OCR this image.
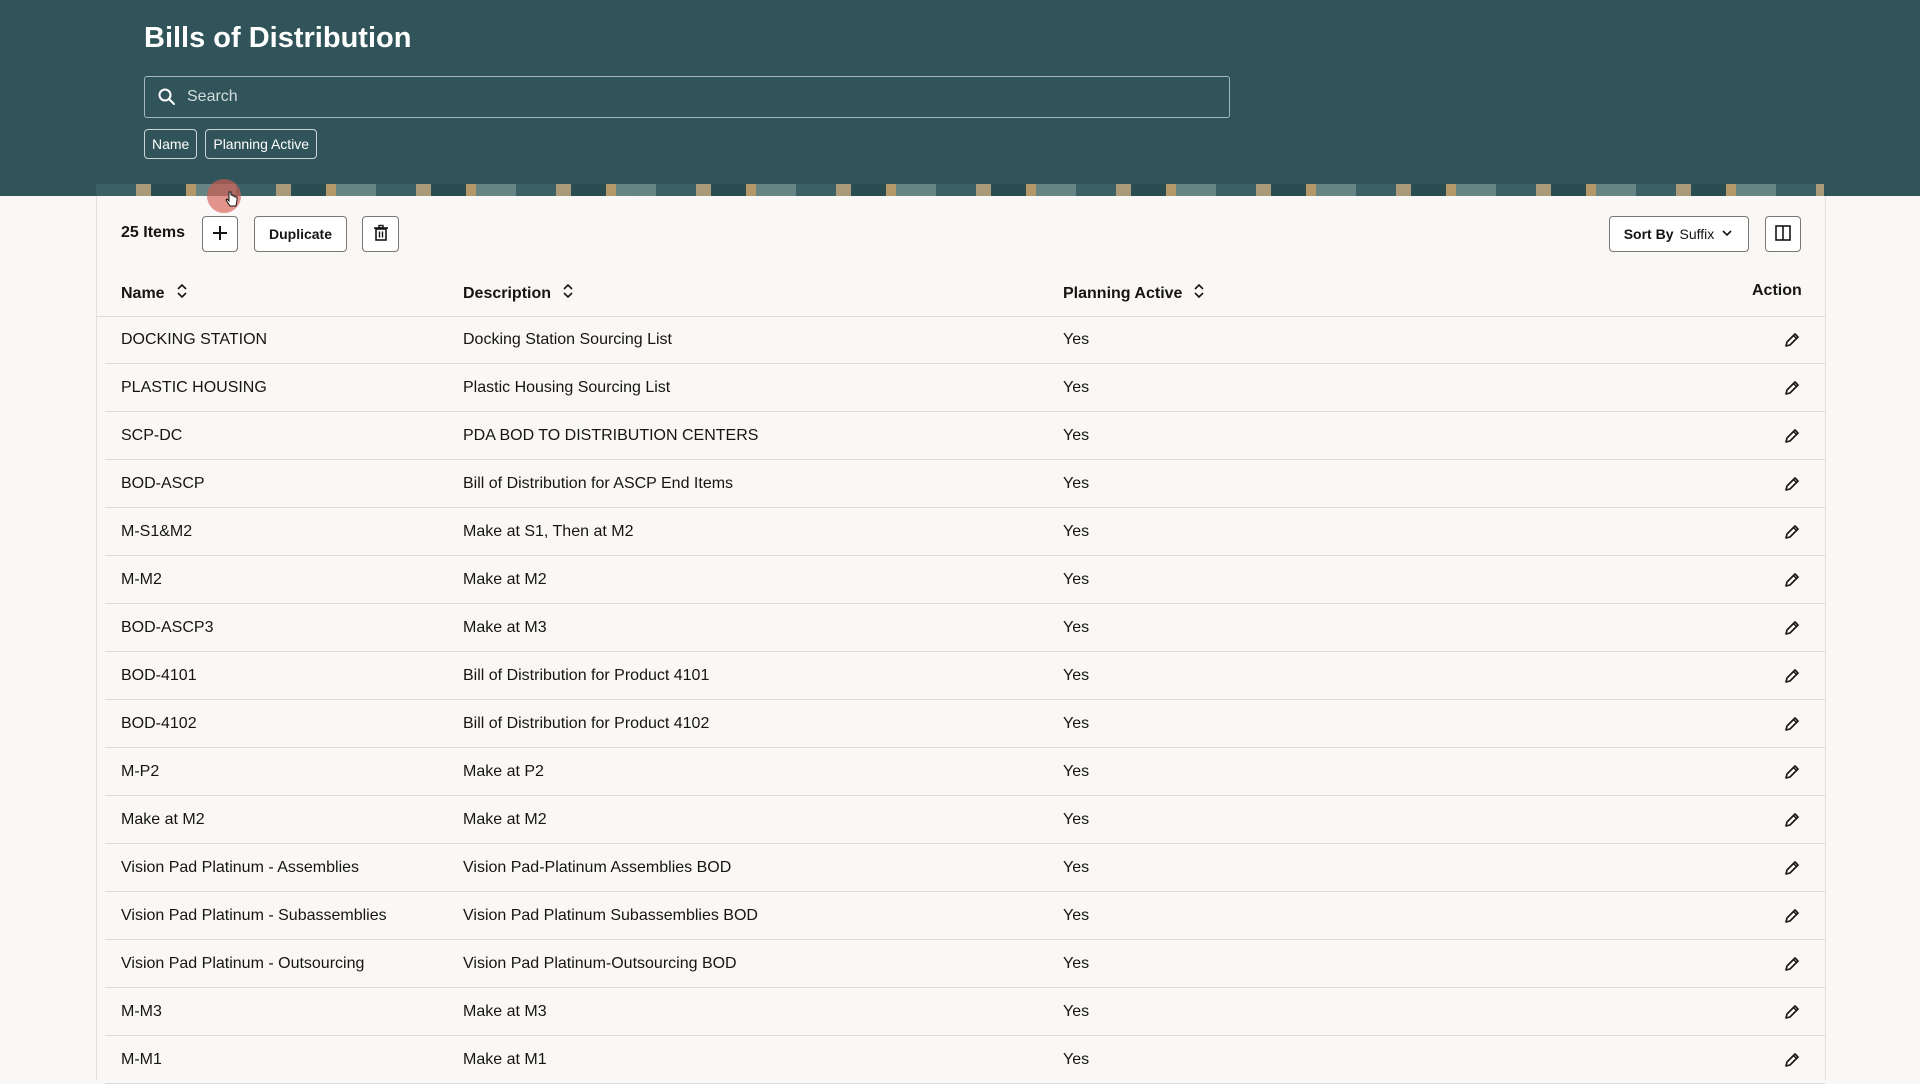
Bills of Distribution
Search
Name	Planning Active
25 Items	Duplicate	Sort By Suffix
Name	Description	Planning Active	Action
DOCKING STATION	Docking Station Sourcing List	Yes
PLASTIC HOUSING	Plastic Housing Sourcing List	Yes
SCP-DC	PDA BOD TO DISTRIBUTION CENTERS	Yes
BOD-ASCP	Bill of Distribution for ASCP End Items	Yes
M-S1&M2	Make at S1, Then at M2	Yes
M-M2	Make at M2	Yes
BOD-ASCP3	Make at M3	Yes
BOD-4101	Bill of Distribution for Product 4101	Yes
BOD-4102	Bill of Distribution for Product 4102	Yes
M-P2	Make at P2	Yes
Make at M2	Make at M2	Yes
Vision Pad Platinum - Assemblies	Vision Pad-Platinum Assemblies BOD	Yes
Vision Pad Platinum - Subassemblies	Vision Pad Platinum Subassemblies BOD	Yes
Vision Pad Platinum - Outsourcing	Vision Pad Platinum-Outsourcing BOD	Yes
M-M3	Make at M3	Yes
M-M1	Make at M1	Yes
